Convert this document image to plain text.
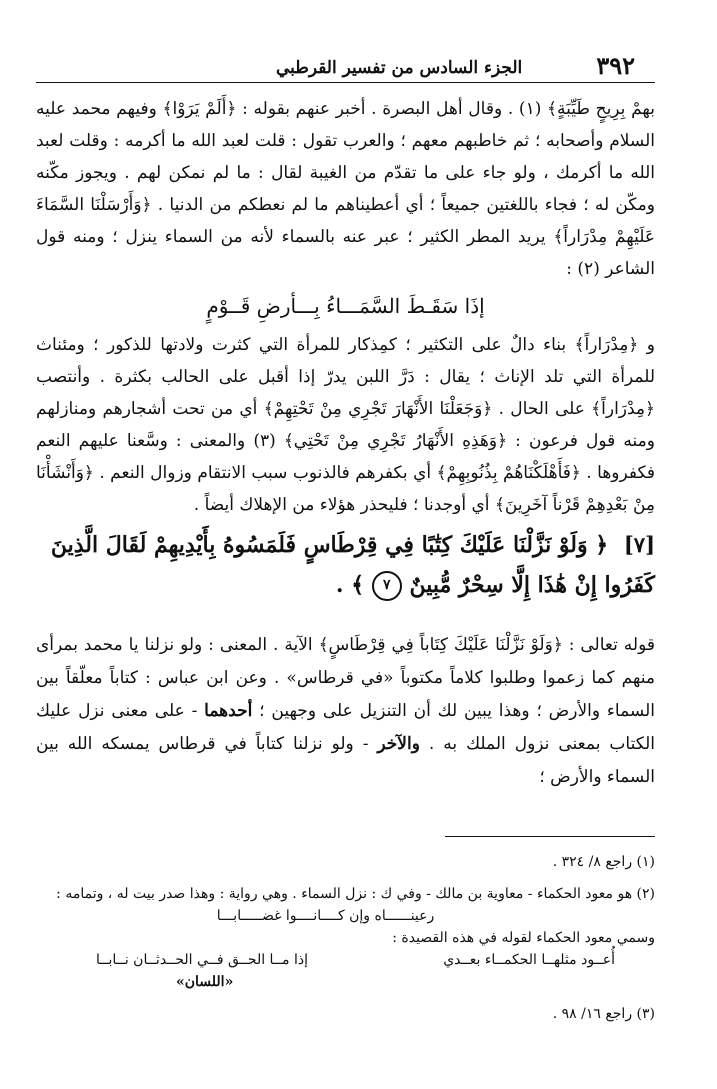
٣٩٢
الجزء السادس من تفسير القرطبي

بهمْ بِرِيحٍ طَيِّبَةٍ﴾ (١) . وقال أهل البصرة . أخبر عنهم بقوله : ﴿أَلَمْ يَرَوْا﴾ وفيهم محمد عليه السلام وأصحابه ؛ ثم خاطبهم معهم ؛ والعرب تقول : قلت لعبد الله ما أكرمه : وقلت لعبد الله ما أكرمك ، ولو جاء على ما تقدّم من الغيبة لقال : ما لم نمكن لهم . ويجوز مكّنه ومكّن له ؛ فجاء باللغتين جميعاً ؛ أي أعطيناهم ما لم نعطكم من الدنيا . ﴿وَأَرْسَلْنَا السَّمَاءَ عَلَيْهِمْ مِدْرَاراً﴾ يريد المطر الكثير ؛ عبر عنه بالسماء لأنه من السماء ينزل ؛ ومنه قول الشاعر (٢) :

إذَا سَقَـطَ السَّمَـــاءُ بِـــأرضِ قَــوْمٍ

و ﴿مِدْرَاراً﴾ بناء دالٌ على التكثير ؛ كمِذكار للمرأة التي كثرت ولادتها للذكور ؛ ومئناث للمرأة التي تلد الإناث ؛ يقال : دَرَّ اللبن يدرّ إذا أقبل على الحالب بكثرة . وأنتصب ﴿مِدْرَاراً﴾ على الحال . ﴿وَجَعَلْنَا الأَنْهَارَ تَجْرِي مِنْ تَحْتِهِمْ﴾ أي من تحت أشجارهم ومنازلهم ومنه قول فرعون : ﴿وَهَذِهِ الأَنْهَارُ تَجْرِي مِنْ تَحْتِي﴾ (٣) والمعنى : وسَّعنا عليهم النعم فكفروها . ﴿فَأَهْلَكْنَاهُمْ بِذُنُوبِهِمْ﴾ أي بكفرهم فالذنوب سبب الانتقام وزوال النعم . ﴿وَأَنْشَأْنَا مِنْ بَعْدِهِمْ قَرْناً آخَرِينَ﴾ أي أوجدنا ؛ فليحذر هؤلاء من الإهلاك أيضاً .

[٧] ﴿ وَلَوْ نَزَّلْنَا عَلَيْكَ كِتَٰبًا فِي قِرْطَاسٍ فَلَمَسُوهُ بِأَيْدِيهِمْ لَقَالَ الَّذِينَ كَفَرُوا إِنْ هَٰذَا إِلَّا سِحْرٌ مُّبِينٌ ٧ ﴾ .

قوله تعالى : ﴿وَلَوْ نَزَّلْنَا عَلَيْكَ كِتَاباً فِي قِرْطَاسٍ﴾ الآية . المعنى : ولو نزلنا يا محمد بمرأى منهم كما زعموا وطلبوا كلاماً مكتوباً «في قرطاس» . وعن ابن عباس : كتاباً معلّقاً بين السماء والأرض ؛ وهذا يبين لك أن التنزيل على وجهين ؛ أحدهما - على معنى نزل عليك الكتاب بمعنى نزول الملك به . والآخر - ولو نزلنا كتاباً في قرطاس يمسكه الله بين السماء والأرض ؛

(١) راجع ٨/ ٣٢٤ .
(٢) هو معود الحكماء - معاوية بن مالك - وفي ك : نزل السماء . وهي رواية : وهذا صدر بيت له ، وتمامه :
رعينــــــاه وإن كــــانــــوا غضـــــابـــا
وسمي معود الحكماء لقوله في هذه القصيدة :
أُعــود مثلهــا الحكمــاء بعــدي
إذا مــا الحــق فــي الحــدثــان نــابــا
«اللسان»
(٣) راجع ١٦/ ٩٨ .
